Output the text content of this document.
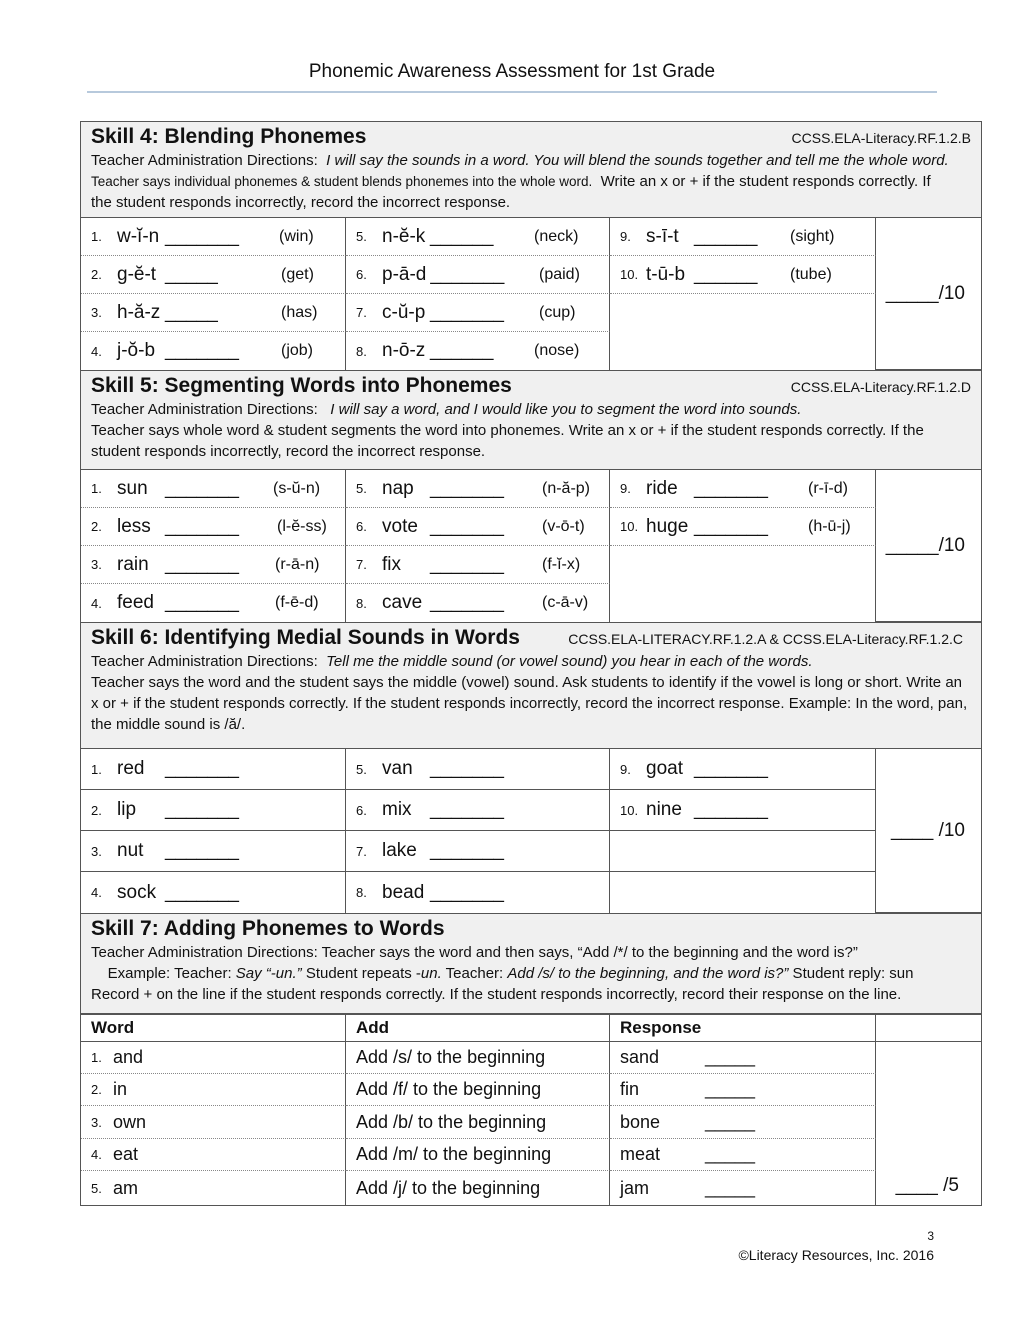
Phonemic Awareness Assessment for 1st Grade
Skill 4: Blending Phonemes	CCSS.ELA-Literacy.RF.1.2.B
Teacher Administration Directions: I will say the sounds in a word. You will blend the sounds together and tell me the whole word.
Teacher says individual phonemes & student blends phonemes into the whole word. Write an x or + if the student responds correctly. If
the student responds incorrectly, record the incorrect response.
1. w-ĭ-n _______	(win)	5. n-ĕ-k ______	(neck)	9. s-ī-t ______ (sight)
_____/10
2. g-ĕ-t _____	(get)	6. p-ā-d _______ (paid)	10. t-ū-b ______ (tube)
3. h-ă-z _____	(has)	7. c-ŭ-p _______ (cup)
4. j-ŏ-b _______	(job)	8. n-ō-z ______	(nose)
Skill 5: Segmenting Words into Phonemes	CCSS.ELA-Literacy.RF.1.2.D
Teacher Administration Directions: I will say a word, and I would like you to segment the word into sounds.
Teacher says whole word & student segments the word into phonemes. Write an x or + if the student responds correctly. If the student responds incorrectly, record the incorrect response.
1. sun _______ (s-ŭ-n)	5. nap _______ (n-ă-p) 9. ride _______	(r-ī-d)
_____/10
2. less _______ (l-ĕ-ss) 6. vote _______ (v-ō-t)	10. huge _______	(h-ū-j)
3. rain _______ (r-ā-n)	7. fix	_______ (f-ĭ-x)
4. feed _______ (f-ē-d)	8. cave _______ (c-ā-v)
Skill 6: Identifying Medial Sounds in Words	CCSS.ELA-LITERACY.RF.1.2.A & CCSS.ELA-Literacy.RF.1.2.C
Teacher Administration Directions: Tell me the middle sound (or vowel sound) you hear in each of the words.
Teacher says the word and the student says the middle (vowel) sound. Ask students to identify if the vowel is long or short. Write an x or + if the student responds correctly. If the student responds incorrectly, record the incorrect response. Example: In the word, pan, the middle sound is /ă/.
1. red	_______	5. van _______	9. goat _______
____ /10
2. lip	_______	6. mix _______	10. nine _______
3. nut	_______	7. lake _______
4. sock _______	8. bead _______
Skill 7: Adding Phonemes to Words
Teacher Administration Directions: Teacher says the word and then says, “Add /*/ to the beginning and the word is?”
Example: Teacher: Say “-un.” Student repeats -un. Teacher: Add /s/ to the beginning, and the word is?” Student reply: sun
Record + on the line if the student responds correctly. If the student responds incorrectly, record their response on the line.
Word	Add	Response
1. and	Add /s/ to the beginning	sand	_____
____ /5
2. in	Add /f/ to the beginning	fin	_____
3. own	Add /b/ to the beginning	bone _____
4. eat	Add /m/ to the beginning	meat _____
5. am	Add /j/ to the beginning	jam	_____
3
©Literacy Resources, Inc. 2016
